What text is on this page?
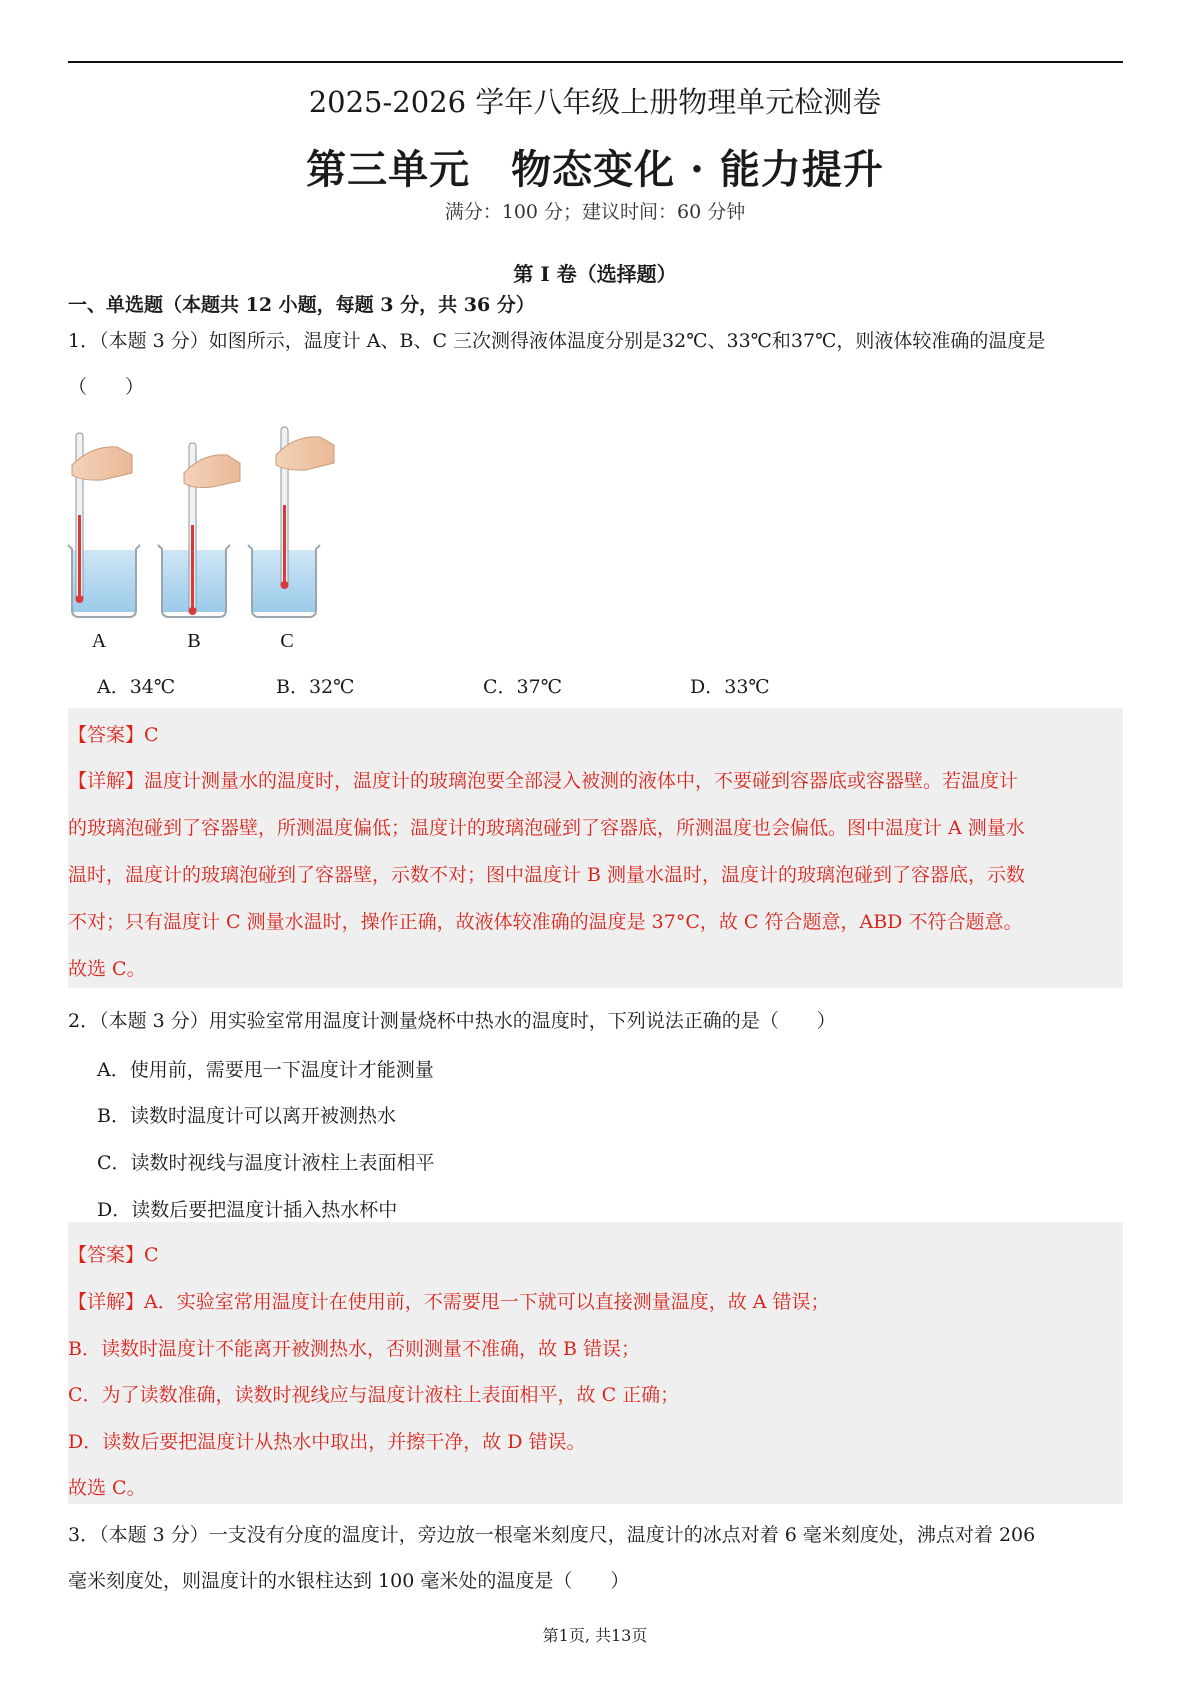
2025-2026 学年八年级上册物理单元检测卷
第三单元　物态变化 · 能力提升
满分：100 分；建议时间：60 分钟
第 I 卷（选择题）
一、单选题（本题共 12 小题，每题 3 分，共 36 分）
1．（本题 3 分）如图所示，温度计 A、B、C 三次测得液体温度分别是32℃、33℃和37℃，则液体较准确的温度是
（　　）
A	B	C
A．34℃	B．32℃	C．37℃	D．33℃
【答案】C
【详解】温度计测量水的温度时，温度计的玻璃泡要全部浸入被测的液体中，不要碰到容器底或容器壁。若温度计
的玻璃泡碰到了容器壁，所测温度偏低；温度计的玻璃泡碰到了容器底，所测温度也会偏低。图中温度计 A 测量水
温时，温度计的玻璃泡碰到了容器壁，示数不对；图中温度计 B 测量水温时，温度计的玻璃泡碰到了容器底，示数
不对；只有温度计 C 测量水温时，操作正确，故液体较准确的温度是 37°C，故 C 符合题意，ABD 不符合题意。
故选 C。
2．（本题 3 分）用实验室常用温度计测量烧杯中热水的温度时，下列说法正确的是（　　）
A．使用前，需要甩一下温度计才能测量
B．读数时温度计可以离开被测热水
C．读数时视线与温度计液柱上表面相平
D．读数后要把温度计插入热水杯中
【答案】C
【详解】A．实验室常用温度计在使用前，不需要甩一下就可以直接测量温度，故 A 错误；
B．读数时温度计不能离开被测热水，否则测量不准确，故 B 错误；
C．为了读数准确，读数时视线应与温度计液柱上表面相平，故 C 正确；
D．读数后要把温度计从热水中取出，并擦干净，故 D 错误。
故选 C。
3．（本题 3 分）一支没有分度的温度计，旁边放一根毫米刻度尺，温度计的冰点对着 6 毫米刻度处，沸点对着 206
毫米刻度处，则温度计的水银柱达到 100 毫米处的温度是（　　）
第1页, 共13页
